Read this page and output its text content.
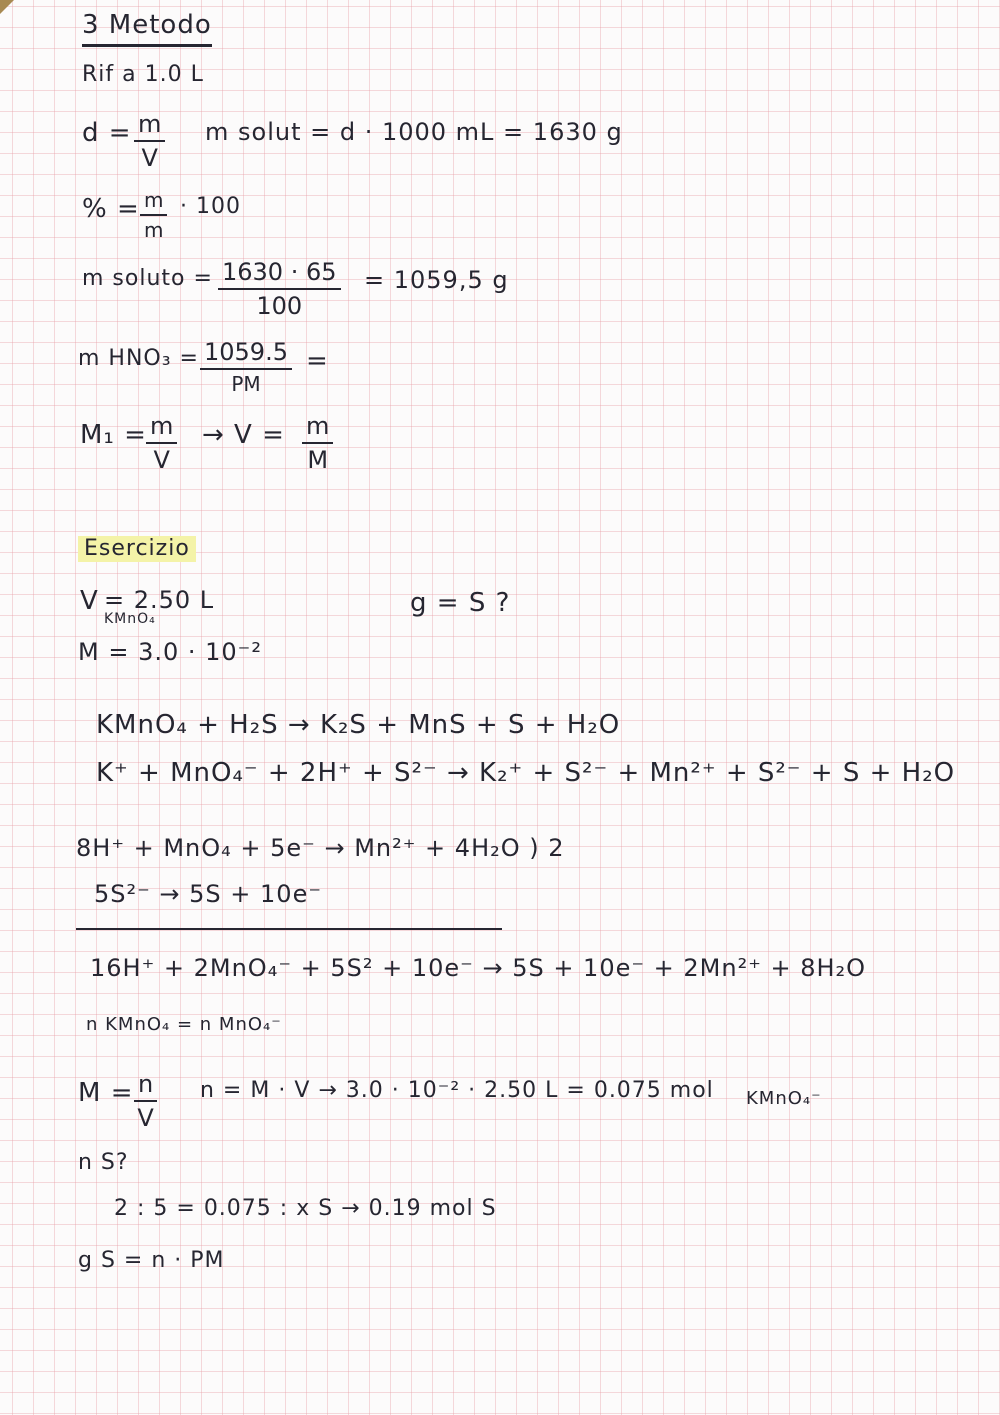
3 Metodo
Rif a 1.0 L
$d = \frac{m}{V}$ m solut = d · 1000 mL = 1630 g
% = $\frac{m}{m} \cdot 100$
m soluto = $\frac{1630 \cdot 65}{100} = 1059,5$ g
m HNO₃ = 1059.5
PM
=
$M_1 = \frac{m}{V} \to V = \frac{m}{M}$
Esercizio
V
KMnO₄
= 2.50 L	g = S ?
M = 3.0 · 10⁻²
KMnO₄ + H₂S → K₂S + MnS + S + H₂O
K⁺ + MnO₄⁻ + 2H⁺ + S²⁻ → K₂⁺ + S²⁻ + Mn²⁺ + S²⁻ + S + H₂O
8H⁺ + MnO₄ + 5e⁻ → Mn²⁺ + 4H₂O ) 2
5S²⁻ → 5S + 10e⁻
16H⁺ + 2MnO₄⁻ + 5S² + 10e⁻ → 5S + 10e⁻ + 2Mn²⁺ + 8H₂O
n KMnO₄ = n MnO₄⁻
$M = \frac{n}{V}$ n = M · V → 3.0 · 10⁻² · 2.50 L = 0.075 mol KMnO₄⁻
n S?
2 : 5 = 0.075 : x S → 0.19 mol S
g S = n · PM
